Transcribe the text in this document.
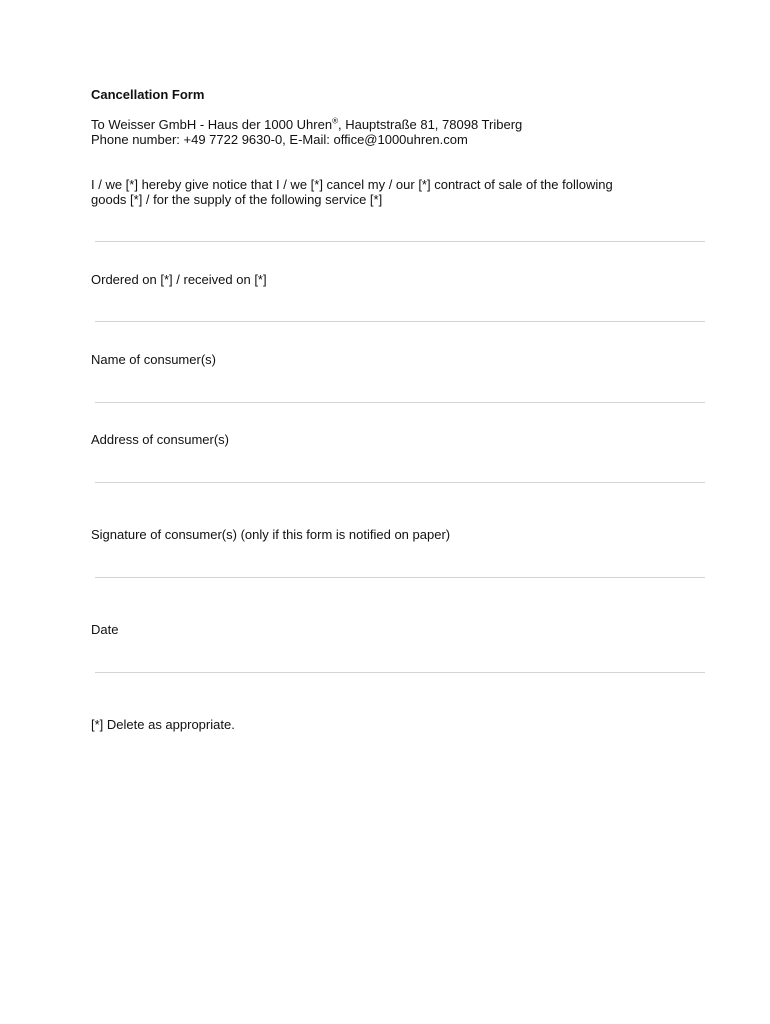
Cancellation Form
To Weisser GmbH - Haus der 1000 Uhren®, Hauptstraße 81, 78098 Triberg
Phone number: +49 7722 9630-0, E-Mail: office@1000uhren.com
I / we [*] hereby give notice that I / we [*] cancel my / our [*] contract of sale of the following
goods [*] / for the supply of the following service [*]
Ordered on [*] / received on [*]
Name of consumer(s)
Address of consumer(s)
Signature of consumer(s) (only if this form is notified on paper)
Date
[*] Delete as appropriate.
